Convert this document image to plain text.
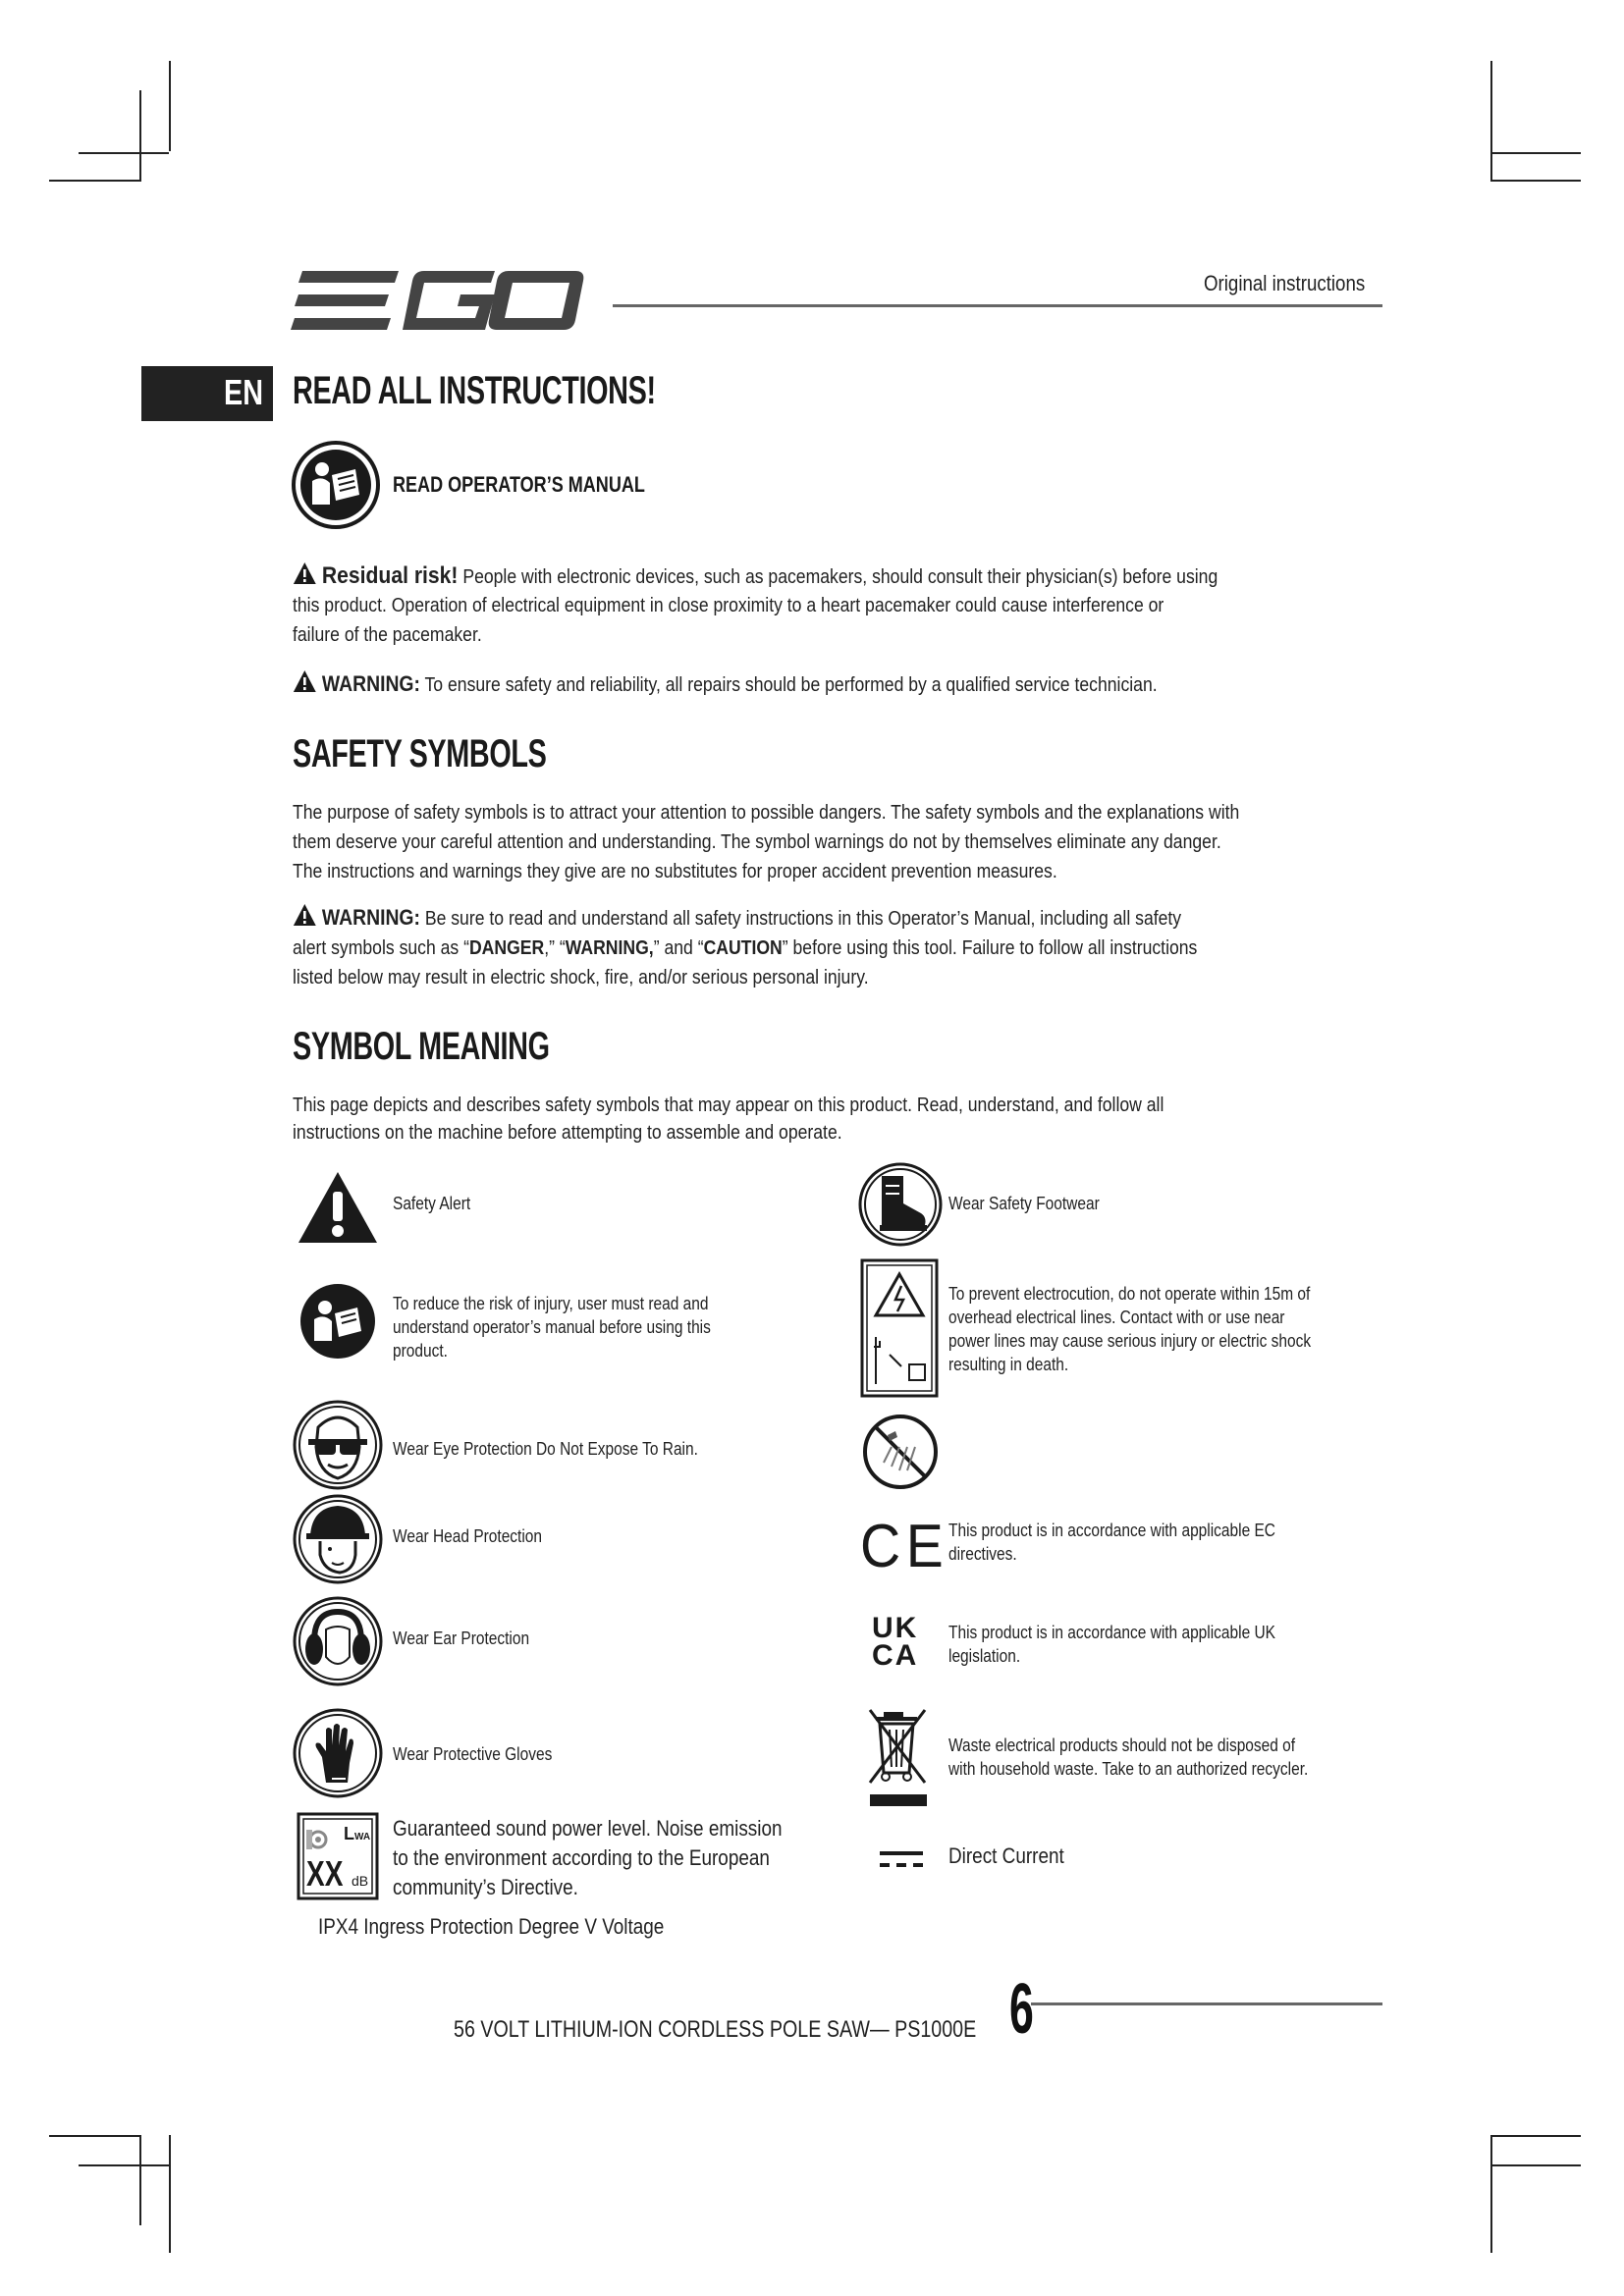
Original instructions
EN READ ALL INSTRUCTIONS!
READ OPERATOR’S MANUAL
Residual risk! People with electronic devices, such as pacemakers, should consult their physician(s) before using
this product. Operation of electrical equipment in close proximity to a heart pacemaker could cause interference or
failure of the pacemaker.
WARNING: To ensure safety and reliability, all repairs should be performed by a qualified service technician.
SAFETY SYMBOLS
The purpose of safety symbols is to attract your attention to possible dangers. The safety symbols and the explanations with
them deserve your careful attention and understanding. The symbol warnings do not by themselves eliminate any danger.
The instructions and warnings they give are no substitutes for proper accident prevention measures.
WARNING: Be sure to read and understand all safety instructions in this Operator’s Manual, including all safety
alert symbols such as “DANGER,” “WARNING,” and “CAUTION” before using this tool. Failure to follow all instructions
listed below may result in electric shock, fire, and/or serious personal injury.
SYMBOL MEANING
This page depicts and describes safety symbols that may appear on this product. Read, understand, and follow all
instructions on the machine before attempting to assemble and operate.
Safety Alert
To reduce the risk of injury, user must read and understand operator’s manual before using this product.
Wear Eye Protection Do Not Expose To Rain.
Wear Head Protection
Wear Ear Protection
Wear Protective Gloves
LWA
XX dB
Guaranteed sound power level. Noise emission to the environment according to the European community’s Directive.
Wear Safety Footwear
To prevent electrocution, do not operate within 15m of overhead electrical lines. Contact with or use near power lines may cause serious injury or electric shock resulting in death.
CE This product is in accordance with applicable EC directives.
UK
CA
This product is in accordance with applicable UK legislation.
Waste electrical products should not be disposed of with household waste. Take to an authorized recycler.
Direct Current
IPX4 Ingress Protection Degree V Voltage
56 VOLT LITHIUM-ION CORDLESS POLE SAW— PS1000E 6
